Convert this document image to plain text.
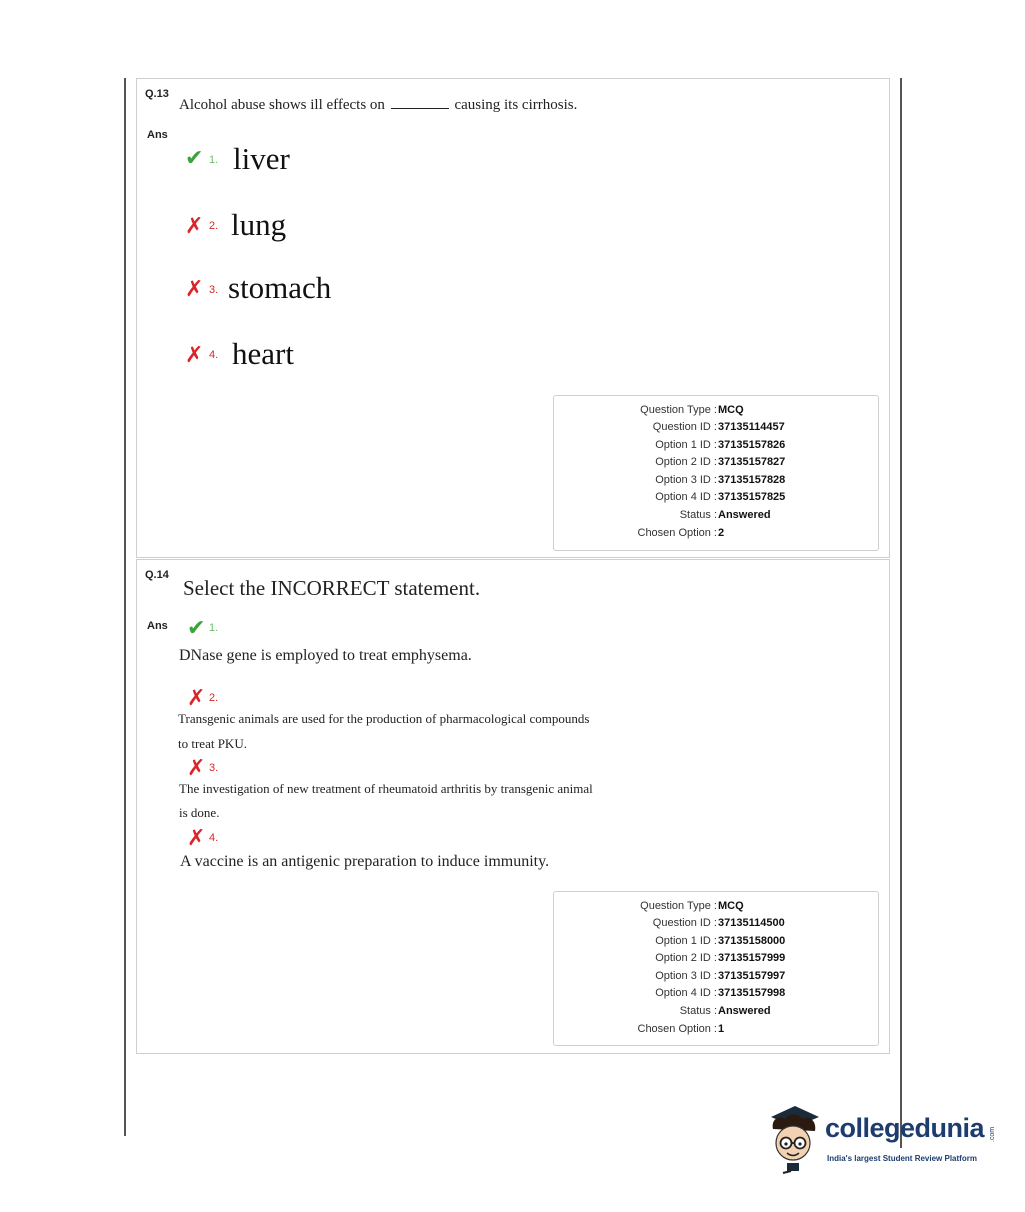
Q.13
Alcohol abuse shows ill effects on	causing its cirrhosis.
Ans
✔ 1. liver
✗ 2. lung
✗ 3. stomach
✗ 4. heart
Question Type : MCQ
Question ID : 37135114457
Option 1 ID : 37135157826
Option 2 ID : 37135157827
Option 3 ID : 37135157828
Option 4 ID : 37135157825
Status : Answered
Chosen Option : 2
Q.14
Select the INCORRECT statement.
Ans ✔ 1.
DNase gene is employed to treat emphysema.
✗ 2.
Transgenic animals are used for the production of pharmacological compounds
to treat PKU.
✗ 3.
The investigation of new treatment of rheumatoid arthritis by transgenic animal
is done.
✗ 4.
A vaccine is an antigenic preparation to induce immunity.
Question Type : MCQ
Question ID : 37135114500
Option 1 ID : 37135158000
Option 2 ID : 37135157999
Option 3 ID : 37135157997
Option 4 ID : 37135157998
Status : Answered
Chosen Option : 1
collegedunia .com
India's largest Student Review Platform
